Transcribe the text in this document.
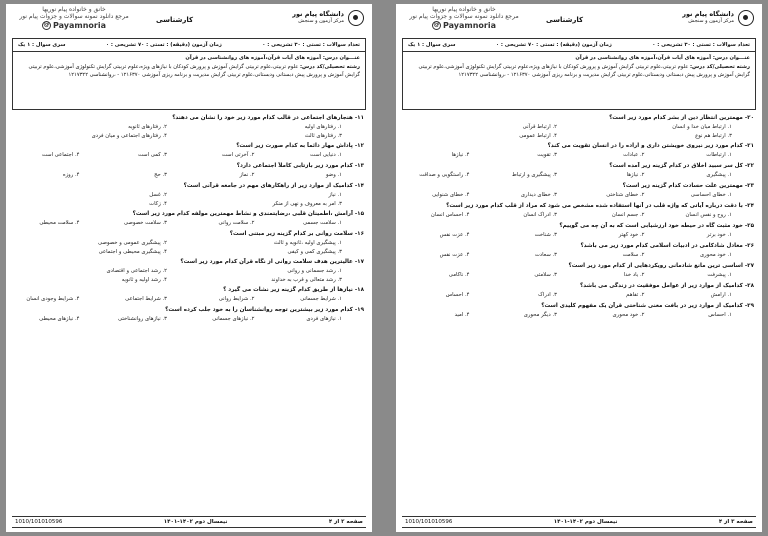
خانق و خانواده پیام نوریها
مرجع دانلود نمونه سوالات و جزوات پیام نور
@ Payamnoria
کارشناسی
دانشگاه پیام نور
مرکز آزمون و سنجش
تعداد سوالات : تستی : ۳۰ تشریحی : ۰
زمان آزمون (دقیقه) : تستی : ۷۰ تشریحی : ۰
سری سوال : ۱ یک
عنـــوان درس: آموزه های آیات قرآن،آموزه های روانشناسی در قرآن
رشته تحصیلی/کد درس: علوم تربیتی،علوم تربیتی گرایش آموزش و پرورش کودکان با نیازهای ویژه،علوم تربیتی گرایش تکنولوژی آموزشی،علوم تربیتی گرایش آموزش و پرورش پیش دبستانی ودبستانی،علوم تربیتی گرایش مدیریت و برنامه ریزی آموزشی ۱۲۱۶۳۷۰ - ،روانشناسی ۱۲۱۷۳۲۲
۱۱- هنجارهای اجتماعی در قالب کدام مورد زیر خود را نشان می دهند؟
۱. رفتارهای اولیه
۲. رفتارهای ثانویه
۳. رفتارهای ثالث
۴. رفتارهای اجتماعی و میان فردی
۱۲- پاداش مهار دائماً به کدام صورت زیر است؟
۱. دنیایی است
۲. آخرتی است
۳. کمی است
۴. اجتماعی است
۱۳- کدام مورد زیر بازتابی کاملاً اجتماعی دارد؟
۱. وضو
۲. نماز
۳. حج
۴. روزه
۱۴- کدامیک از موارد زیر از راهکارهای مهم در جامعه قرآنی است؟
۱. نیاز
۲. غسل
۳. امر به معروف و نهی از منکر
۴. زکات
۱۵- آرامش ،اطمینان قلبی ،رضایتمندی و نشاط مهمترین مولفه کدام مورد زیر است؟
۱. سلامت جسمی
۲. سلامت روانی
۳. سلامت خصوصی
۴. سلامت محیطی
۱۶- سلامت روانی بر کدام گزینه زیر مبتنی است؟
۱. پیشگیری اولیه ،ثانویه و ثالث
۲. پیشگیری عمومی و خصوصی
۳. پیشگیری کمی و کیفی
۴. پیشگیری محیطی و اجتماعی
۱۷- عالیترین هدف سلامت روانی از نگاه قرآن کدام مورد زیر است؟
۱. رشد جسمانی و روانی
۲. رشد اجتماعی و اقتصادی
۳. رشد متعالی و قرب به خداوند
۴. رشد اولیه و ثانویه
۱۸- نیازها از طریق کدام گزینه زیر نشات می گیرد ؟
۱. شرایط جسمانی
۲. شرایط روانی
۳. شرایط اجتماعی
۴. شرایط وجودی انسان
۱۹- کدام مورد زیر بیشترین توجه روانشناسان را به خود جلب کرده است؟
۱. نیازهای فردی
۲. نیازهای جسمانی
۳. نیازهای روانشناختی
۴. نیازهای محیطی
صفحه ۲ از ۴
نیمسال دوم ۱۴۰۲-۱۴۰۱
1010/101010596
خانق و خانواده پیام نوریها
مرجع دانلود نمونه سوالات و جزوات پیام نور
@ Payamnoria
کارشناسی
دانشگاه پیام نور
مرکز آزمون و سنجش
تعداد سوالات : تستی : ۳۰ تشریحی : ۰
زمان آزمون (دقیقه) : تستی : ۷۰ تشریحی : ۰
سری سوال : ۱ یک
عنـــوان درس: آموزه های آیات قرآن،آموزه های روانشناسی در قرآن
رشته تحصیلی/کد درس: علوم تربیتی،علوم تربیتی گرایش آموزش و پرورش کودکان با نیازهای ویژه،علوم تربیتی گرایش تکنولوژی آموزشی،علوم تربیتی گرایش آموزش و پرورش پیش دبستانی ودبستانی،علوم تربیتی گرایش مدیریت و برنامه ریزی آموزشی ۱۲۱۶۳۷۰ - ،روانشناسی ۱۲۱۷۳۲۲
۲۰- مهمترین انتظار دین از بشر کدام مورد زیر است؟
۱. ارتباط میان خدا و انسان
۲. ارتباط قرآنی
۳. ارتباط هم نوع
۴. ارتباط عمومی
۲۱- کدام مورد زیر نیروی خویشتن داری و اراده را در انسان تقویت می کند؟
۱. ارتباطات
۲. عبادات
۳. تقویت
۴. نیازها
۲۲- کل سر سبید اخلاق در کدام گزینه زیر آمده است؟
۱. پیشگیری
۲. نیازها
۳. پیشگیری و ارتباط
۴. راستگویی و صداقت
۲۳- مهمترین علت حسادت کدام گزینه زیر است؟
۱. خطای احساسی
۲. خطای شناختی
۳. خطای دیداری
۴. خطای شنوایی
۲۴- با دقت درباره آیاتی که واژه قلب در آنها استفاده شده مشخص می شود که مراد از قلب کدام مورد زیر است؟
۱. روح و نفس انسان
۲. جسم انسان
۳. ادراک انسان
۴. احساس انسان
۲۵- خود مثبت گاه در حیطه خود ارزشیابی است که به آن چه می گوییم؟
۱. خود برتر
۲. خود کهتر
۳. شناخت
۴. عزت نفس
۲۶- معادل شادکامی در ادبیات اسلامی کدام مورد زیر می باشد؟
۱. خود محوری
۲. سلامت
۳. سعادت
۴. عزت نفس
۲۷- اساسی ترین مانع شادمانی رویکردهایی از کدام مورد زیر است؟
۱. پیشرفت
۲. یاد خدا
۳. سلامتی
۴. ناکامی
۲۸- کدامیک از موارد زیر از عوامل موفقیت در زندگی می باشد؟
۱. ارامش
۲. تفاهم
۳. ادراک
۴. احساس
۲۹- کدامیک از موارد زیر در بافت معنی شناختی قرآن یک مفهوم کلیدی است؟
۱. احساس
۲. خود محوری
۳. دیگر محوری
۴. امید
صفحه ۳ از ۴
نیمسال دوم ۱۴۰۲-۱۴۰۱
1010/101010596
